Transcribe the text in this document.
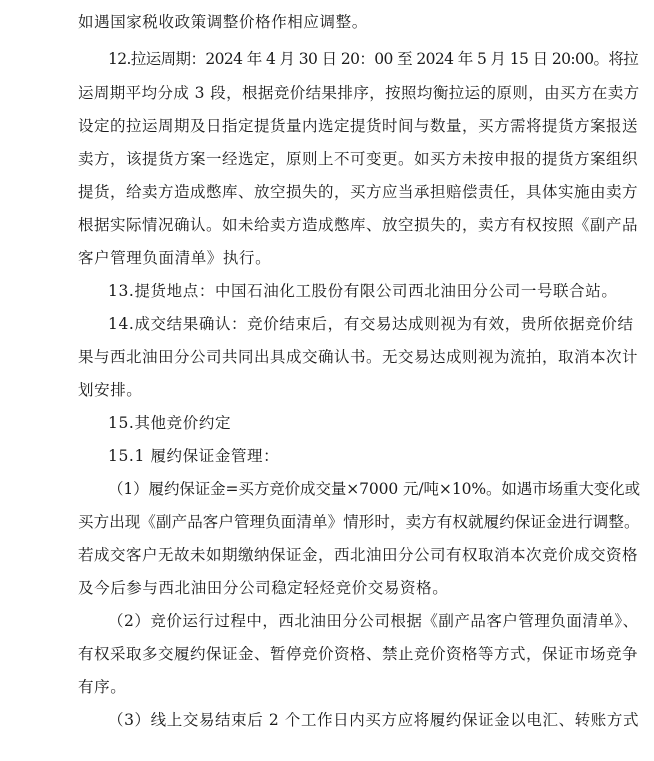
如遇国家税收政策调整价格作相应调整。
12.拉运周期：2024 年 4 月 30 日 20：00 至 2024 年 5 月 15 日 20:00。将拉
运周期平均分成 3 段，根据竞价结果排序，按照均衡拉运的原则，由买方在卖方
设定的拉运周期及日指定提货量内选定提货时间与数量，买方需将提货方案报送
卖方，该提货方案一经选定，原则上不可变更。如买方未按申报的提货方案组织
提货，给卖方造成憋库、放空损失的，买方应当承担赔偿责任，具体实施由卖方
根据实际情况确认。如未给卖方造成憋库、放空损失的，卖方有权按照《副产品
客户管理负面清单》执行。
13.提货地点：中国石油化工股份有限公司西北油田分公司一号联合站。
14.成交结果确认：竞价结束后，有交易达成则视为有效，贵所依据竞价结
果与西北油田分公司共同出具成交确认书。无交易达成则视为流拍，取消本次计
划安排。
15.其他竞价约定
15.1 履约保证金管理：
（1）履约保证金=买方竞价成交量×7000 元/吨×10%。如遇市场重大变化或
买方出现《副产品客户管理负面清单》情形时，卖方有权就履约保证金进行调整。
若成交客户无故未如期缴纳保证金，西北油田分公司有权取消本次竞价成交资格
及今后参与西北油田分公司稳定轻烃竞价交易资格。
（2）竞价运行过程中，西北油田分公司根据《副产品客户管理负面清单》、
有权采取多交履约保证金、暂停竞价资格、禁止竞价资格等方式，保证市场竞争
有序。
（3）线上交易结束后 2 个工作日内买方应将履约保证金以电汇、转账方式
